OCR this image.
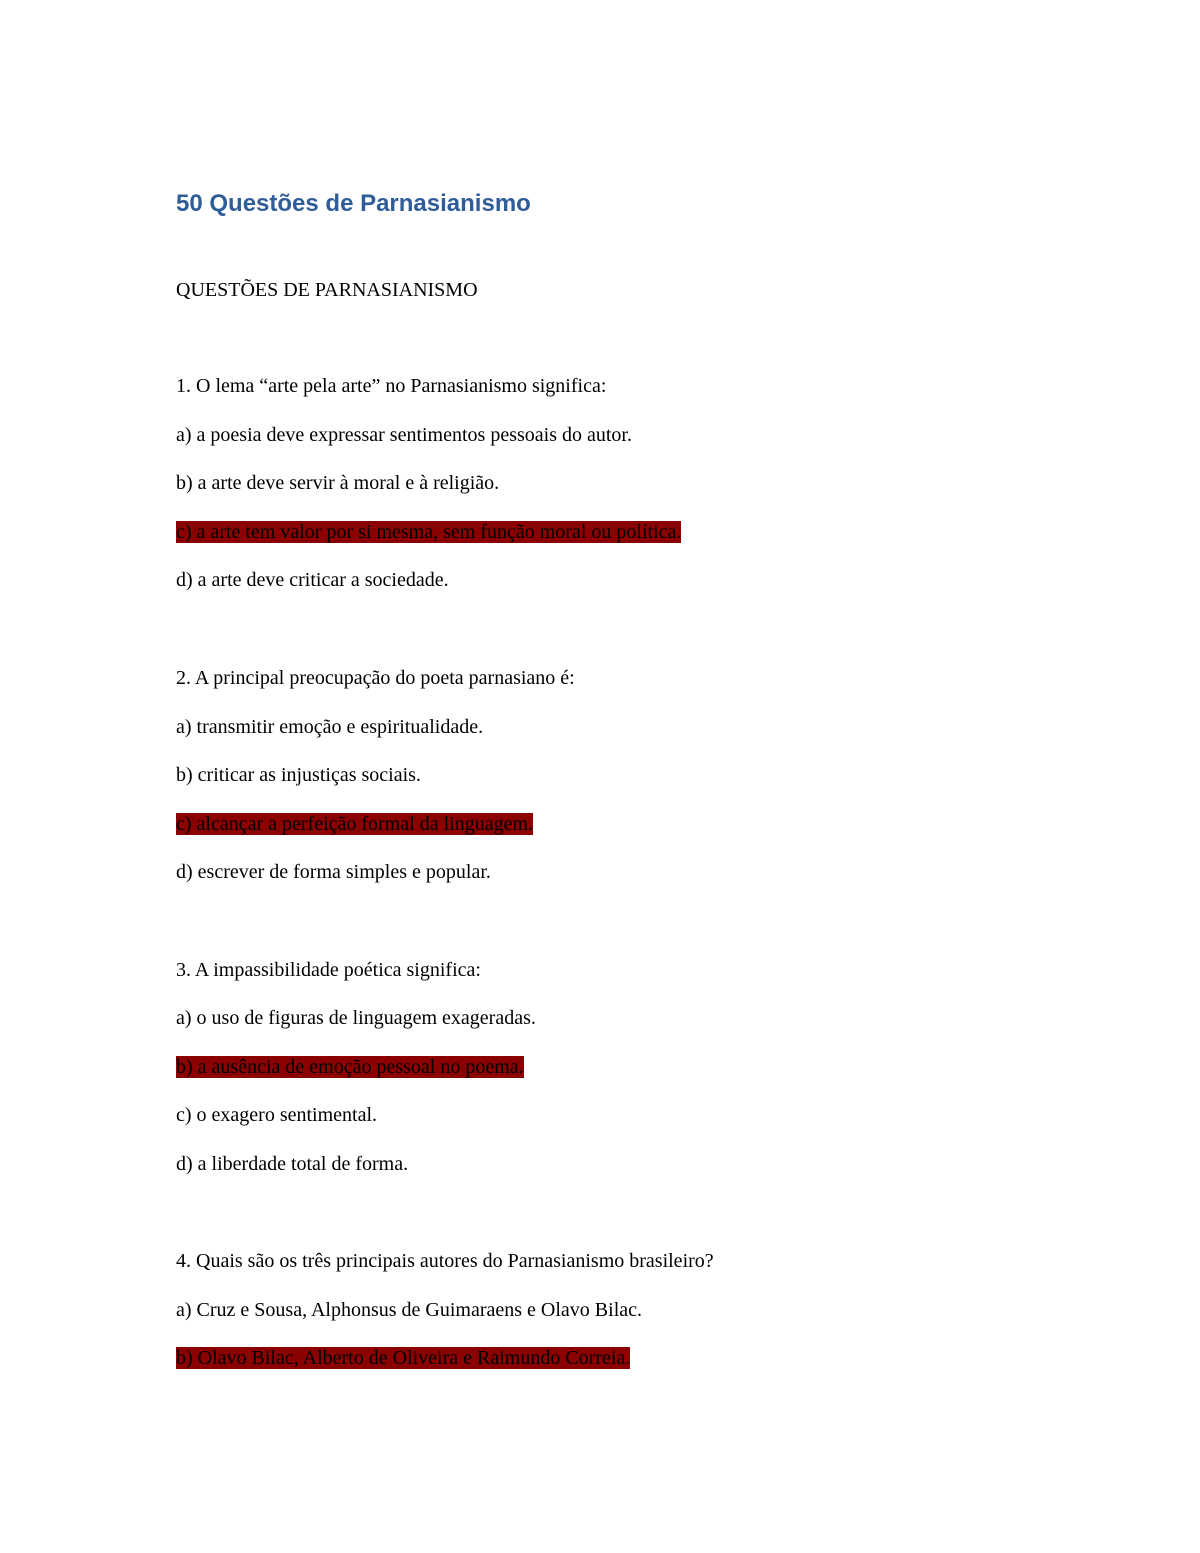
50 Questões de Parnasianismo

QUESTÕES DE PARNASIANISMO

1. O lema “arte pela arte” no Parnasianismo significa:

a) a poesia deve expressar sentimentos pessoais do autor.

b) a arte deve servir à moral e à religião.

c) a arte tem valor por si mesma, sem função moral ou política.

d) a arte deve criticar a sociedade.

2. A principal preocupação do poeta parnasiano é:

a) transmitir emoção e espiritualidade.

b) criticar as injustiças sociais.

c) alcançar a perfeição formal da linguagem.

d) escrever de forma simples e popular.

3. A impassibilidade poética significa:

a) o uso de figuras de linguagem exageradas.

b) a ausência de emoção pessoal no poema.

c) o exagero sentimental.

d) a liberdade total de forma.

4. Quais são os três principais autores do Parnasianismo brasileiro?

a) Cruz e Sousa, Alphonsus de Guimaraens e Olavo Bilac.

b) Olavo Bilac, Alberto de Oliveira e Raimundo Correia.
